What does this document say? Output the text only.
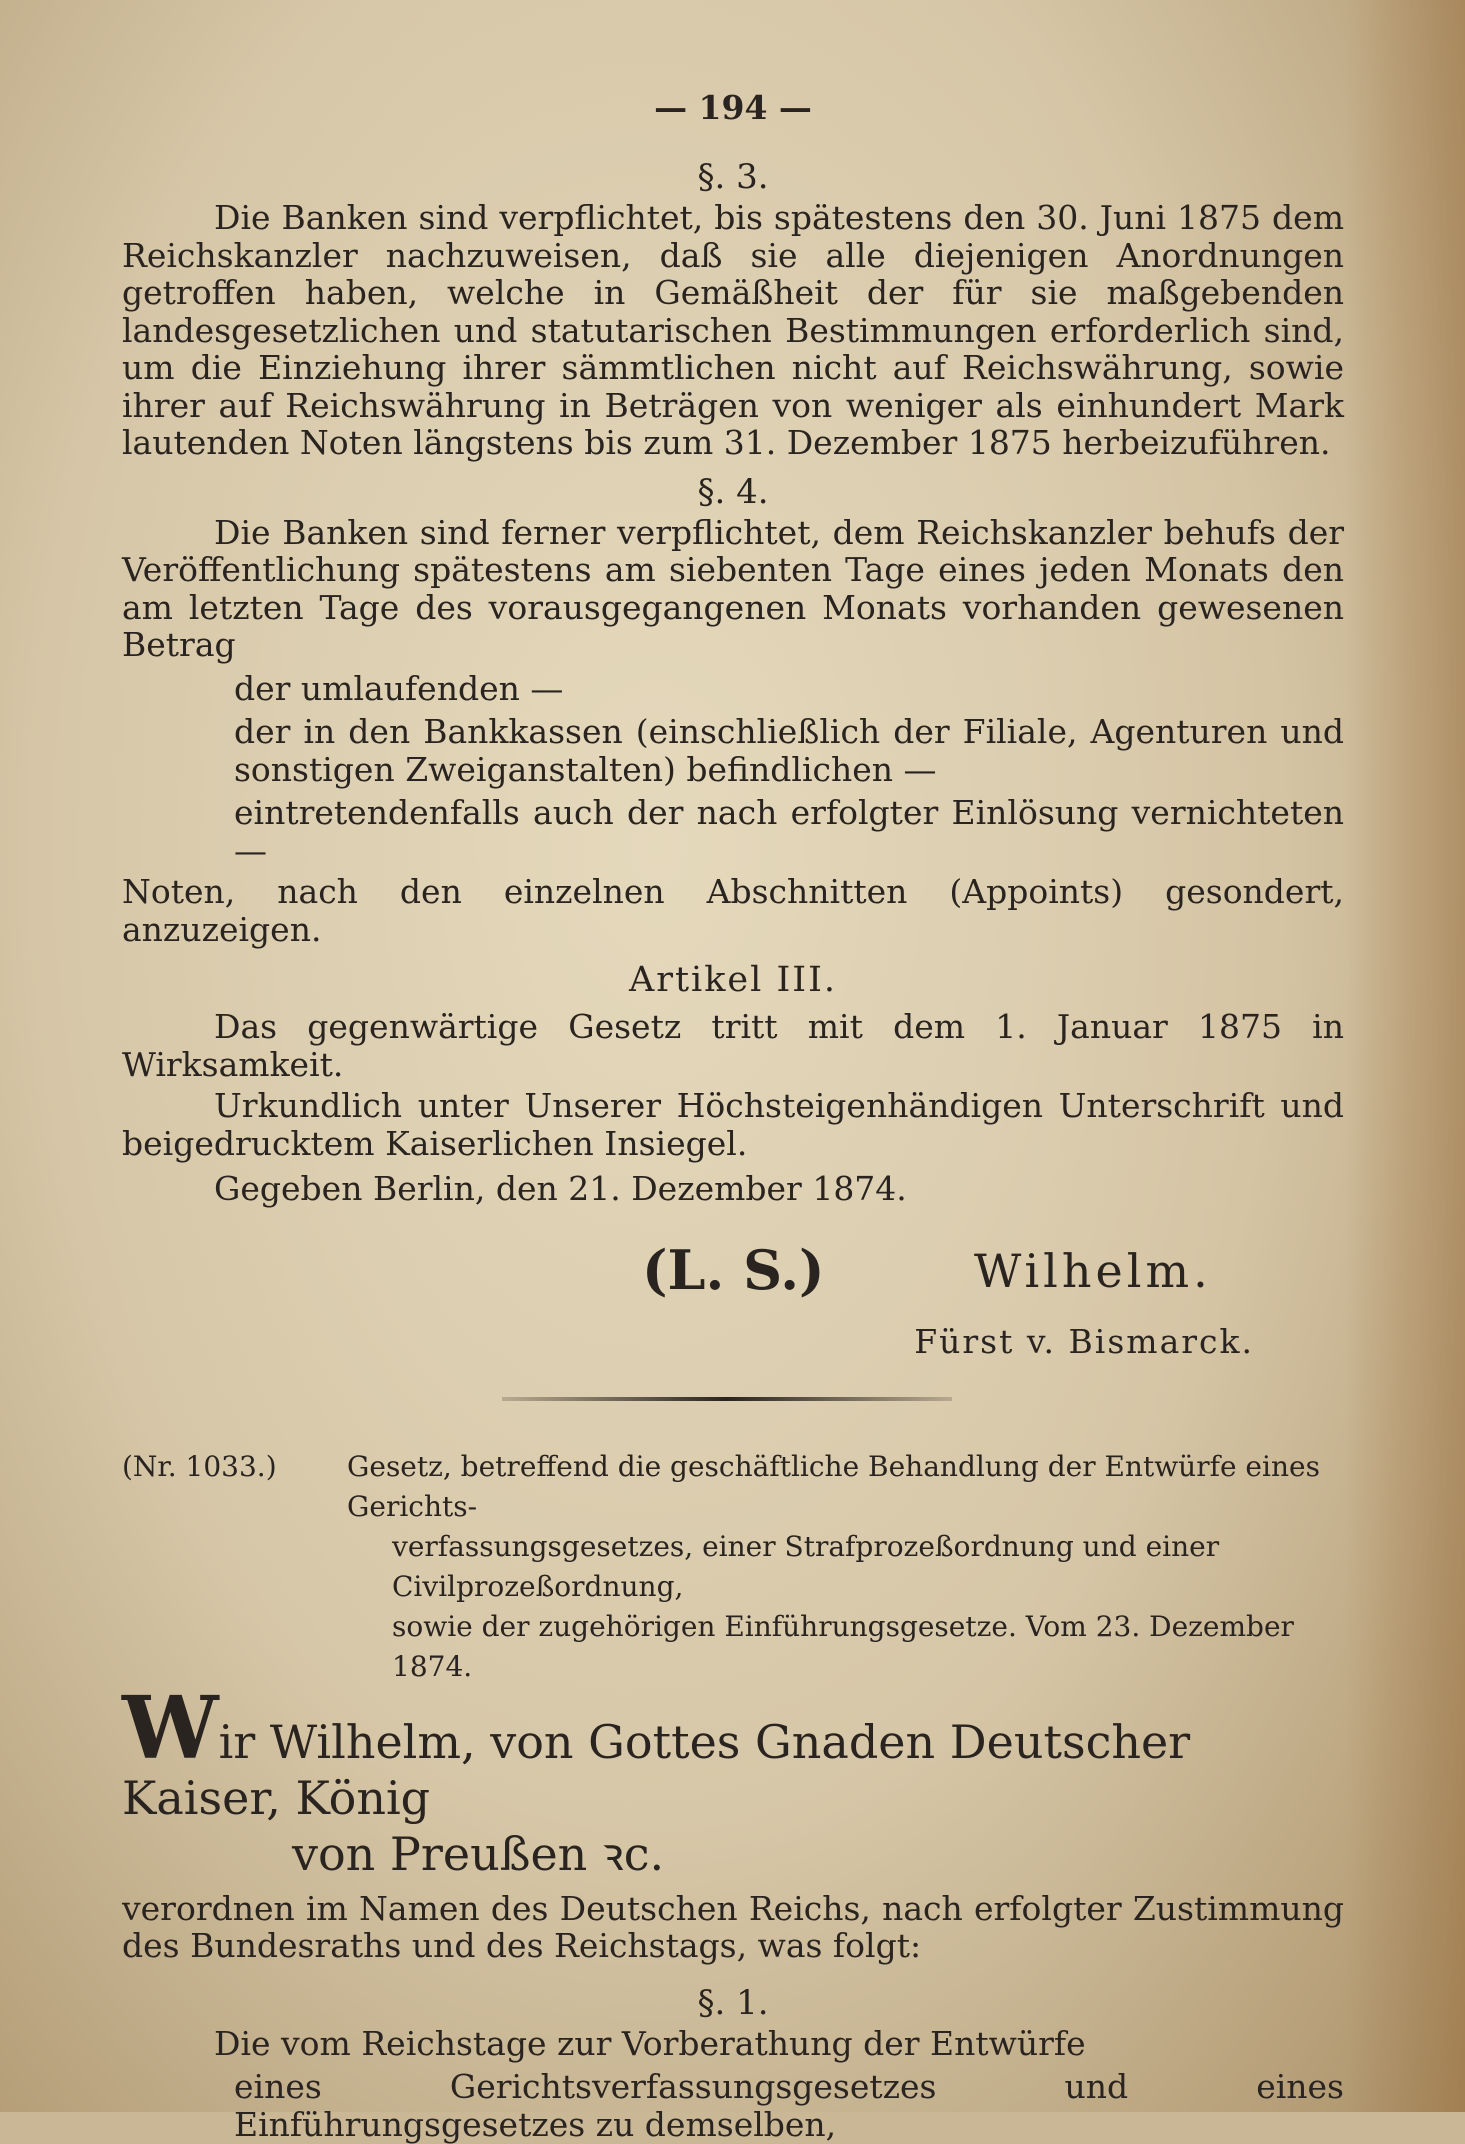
— 194 —
§. 3.

Die Banken sind verpflichtet, bis spätestens den 30. Juni 1875 dem Reichskanzler nachzuweisen, daß sie alle diejenigen Anordnungen getroffen haben, welche in Gemäßheit der für sie maßgebenden landesgesetzlichen und statutarischen Bestimmungen erforderlich sind, um die Einziehung ihrer sämmtlichen nicht auf Reichswährung, sowie ihrer auf Reichswährung in Beträgen von weniger als einhundert Mark lautenden Noten längstens bis zum 31. Dezember 1875 herbeizuführen.

§. 4.

Die Banken sind ferner verpflichtet, dem Reichskanzler behufs der Veröffentlichung spätestens am siebenten Tage eines jeden Monats den am letzten Tage des vorausgegangenen Monats vorhanden gewesenen Betrag

der umlaufenden —

der in den Bankkassen (einschließlich der Filiale, Agenturen und sonstigen Zweiganstalten) befindlichen —

eintretendenfalls auch der nach erfolgter Einlösung vernichteten —

Noten, nach den einzelnen Abschnitten (Appoints) gesondert, anzuzeigen.

Artikel III.

Das gegenwärtige Gesetz tritt mit dem 1. Januar 1875 in Wirksamkeit.

Urkundlich unter Unserer Höchsteigenhändigen Unterschrift und beigedrucktem Kaiserlichen Insiegel.

Gegeben Berlin, den 21. Dezember 1874.

(L. S.)	Wilhelm.
Fürst v. Bismarck.
(Nr. 1033.)	Gesetz, betreffend die geschäftliche Behandlung der Entwürfe eines Gerichts-
verfassungsgesetzes, einer Strafprozeßordnung und einer Civilprozeßordnung,
sowie der zugehörigen Einführungsgesetze. Vom 23. Dezember 1874.
Wir Wilhelm, von Gottes Gnaden Deutscher Kaiser, König
von Preußen ꝛc.

verordnen im Namen des Deutschen Reichs, nach erfolgter Zustimmung des Bundesraths und des Reichstags, was folgt:

§. 1.

Die vom Reichstage zur Vorberathung der Entwürfe

eines Gerichtsverfassungsgesetzes und eines Einführungsgesetzes zu demselben,
